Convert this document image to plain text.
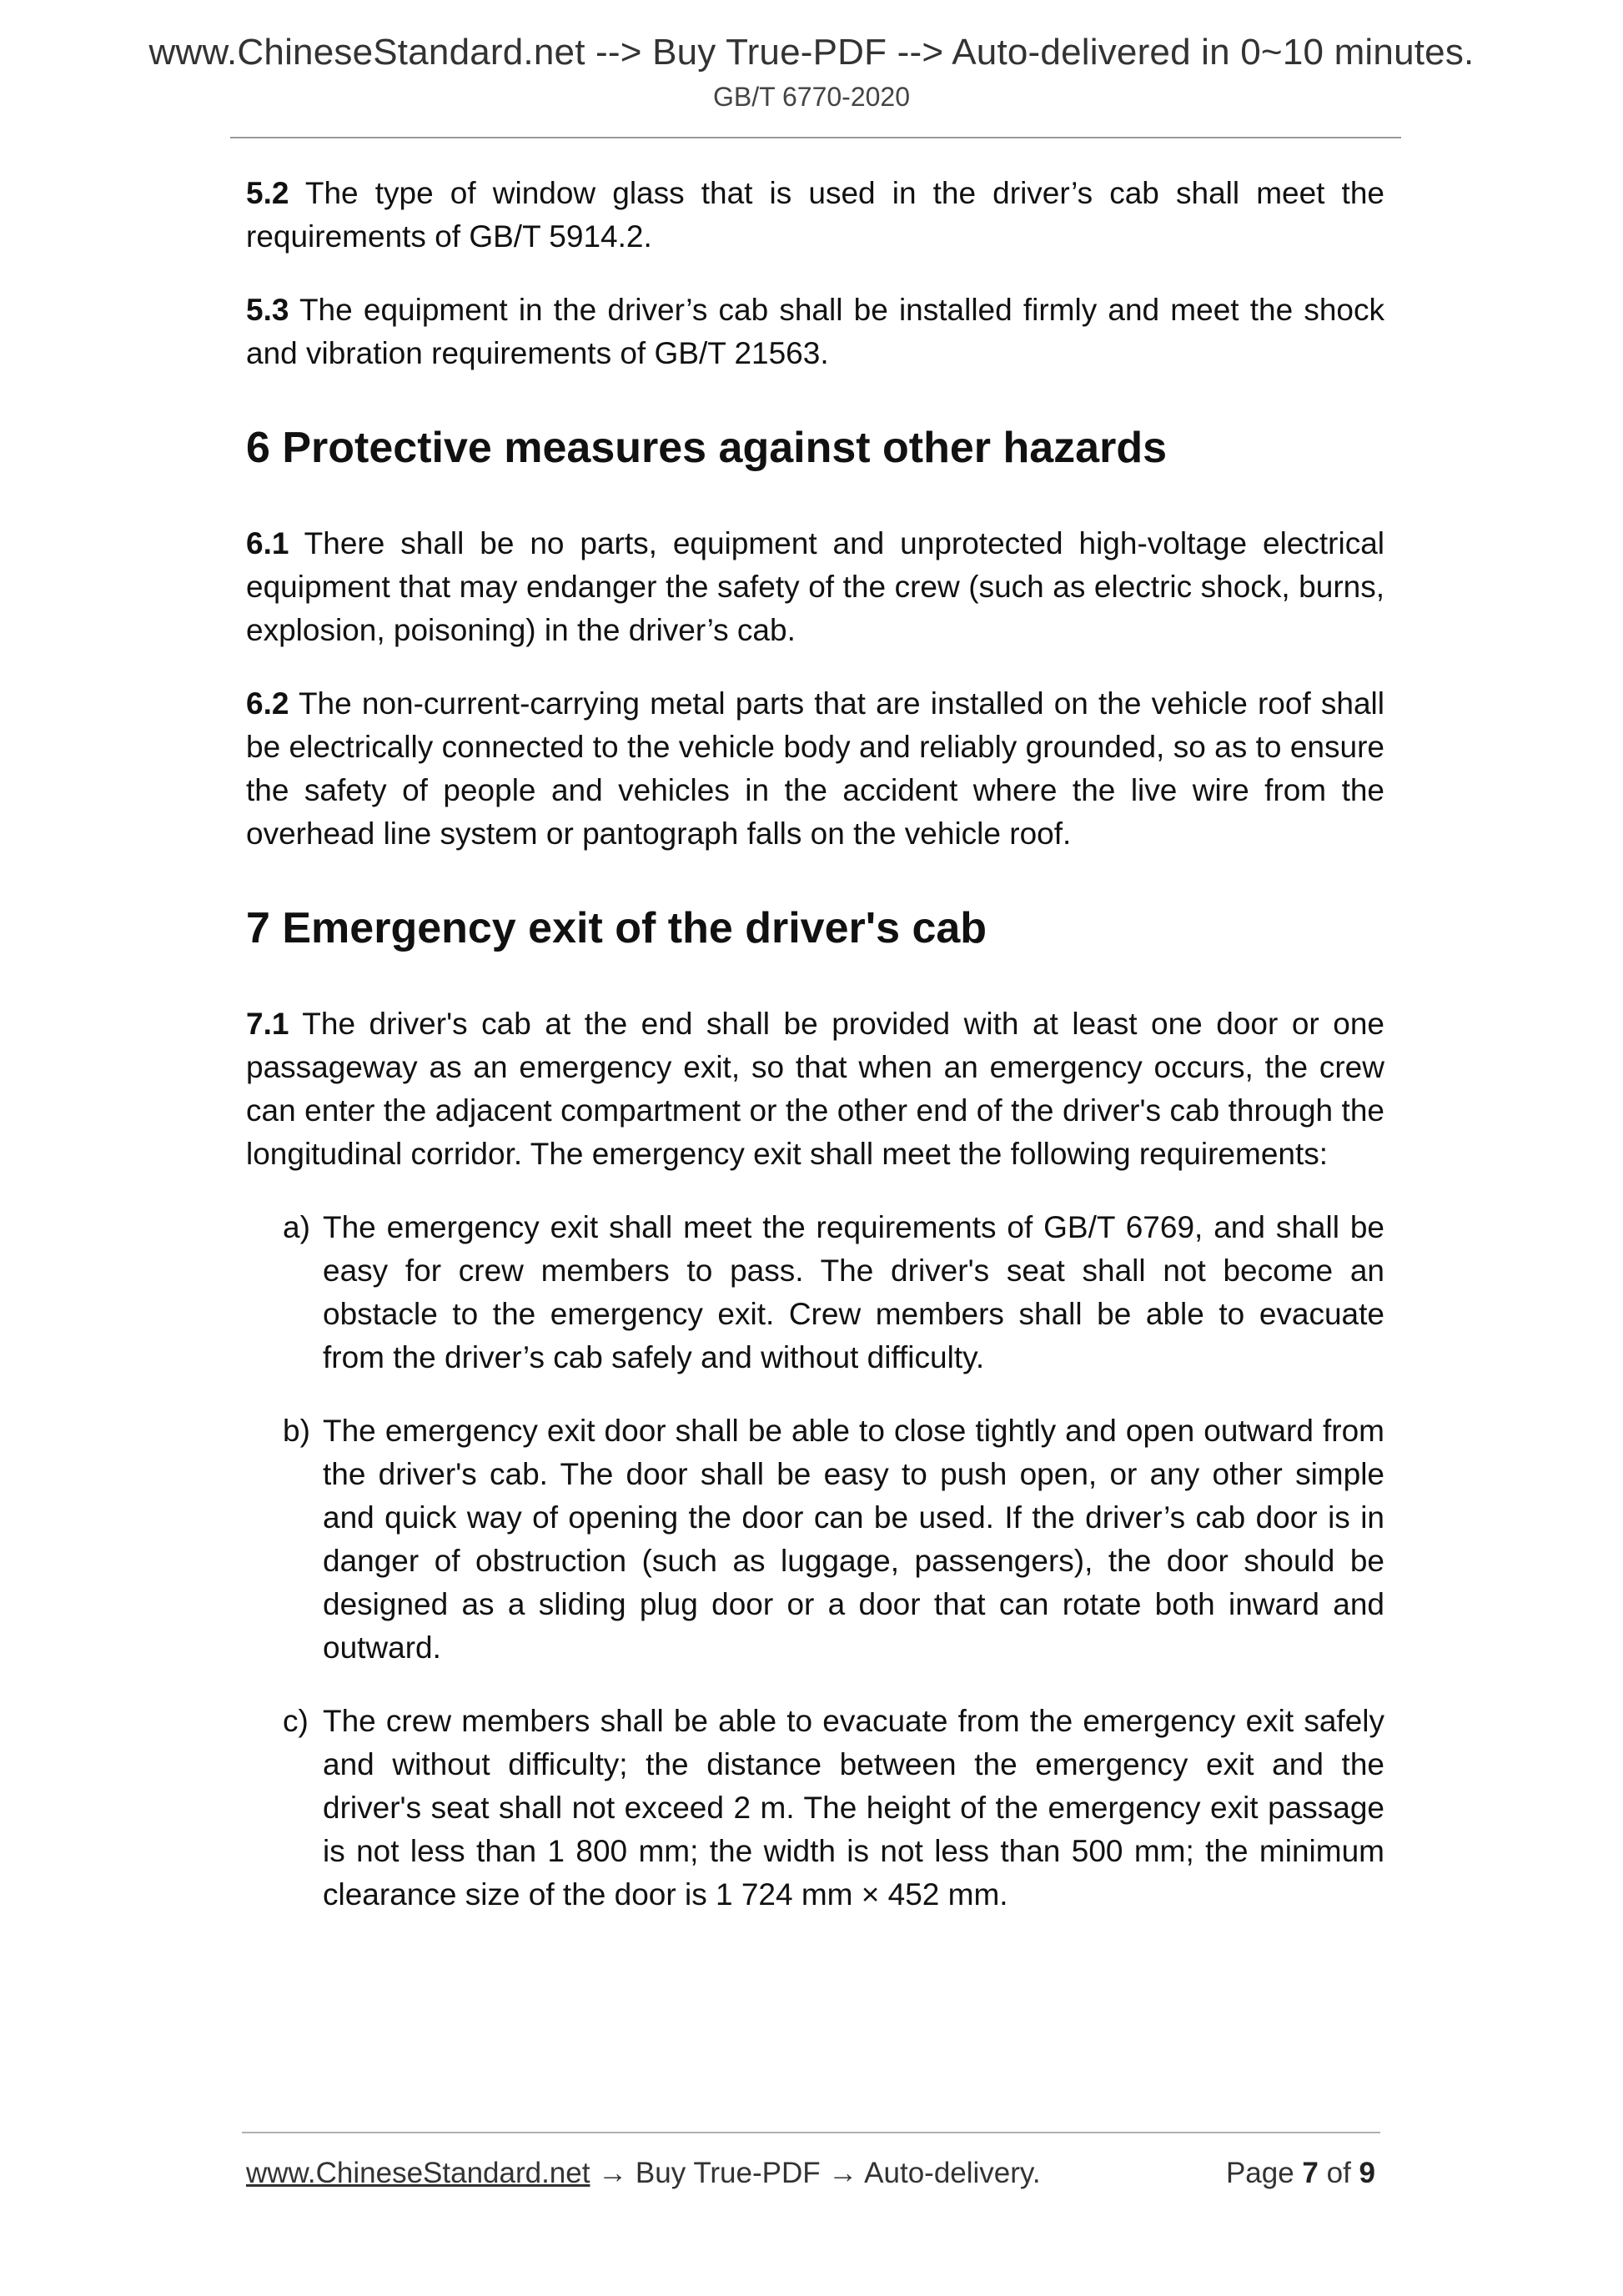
www.ChineseStandard.net --> Buy True-PDF --> Auto-delivered in 0~10 minutes.
GB/T 6770-2020

5.2 The type of window glass that is used in the driver’s cab shall meet the requirements of GB/T 5914.2.

5.3 The equipment in the driver’s cab shall be installed firmly and meet the shock and vibration requirements of GB/T 21563.

6 Protective measures against other hazards

6.1 There shall be no parts, equipment and unprotected high-voltage electrical equipment that may endanger the safety of the crew (such as electric shock, burns, explosion, poisoning) in the driver’s cab.

6.2 The non-current-carrying metal parts that are installed on the vehicle roof shall be electrically connected to the vehicle body and reliably grounded, so as to ensure the safety of people and vehicles in the accident where the live wire from the overhead line system or pantograph falls on the vehicle roof.

7 Emergency exit of the driver's cab

7.1 The driver's cab at the end shall be provided with at least one door or one passageway as an emergency exit, so that when an emergency occurs, the crew can enter the adjacent compartment or the other end of the driver's cab through the longitudinal corridor. The emergency exit shall meet the following requirements:

a) The emergency exit shall meet the requirements of GB/T 6769, and shall be easy for crew members to pass. The driver's seat shall not become an obstacle to the emergency exit. Crew members shall be able to evacuate from the driver’s cab safely and without difficulty.
b) The emergency exit door shall be able to close tightly and open outward from the driver's cab. The door shall be easy to push open, or any other simple and quick way of opening the door can be used. If the driver’s cab door is in danger of obstruction (such as luggage, passengers), the door should be designed as a sliding plug door or a door that can rotate both inward and outward.
c) The crew members shall be able to evacuate from the emergency exit safely and without difficulty; the distance between the emergency exit and the driver's seat shall not exceed 2 m. The height of the emergency exit passage is not less than 1 800 mm; the width is not less than 500 mm; the minimum clearance size of the door is 1 724 mm × 452 mm.
www.ChineseStandard.net → Buy True-PDF → Auto-delivery.	Page 7 of 9
